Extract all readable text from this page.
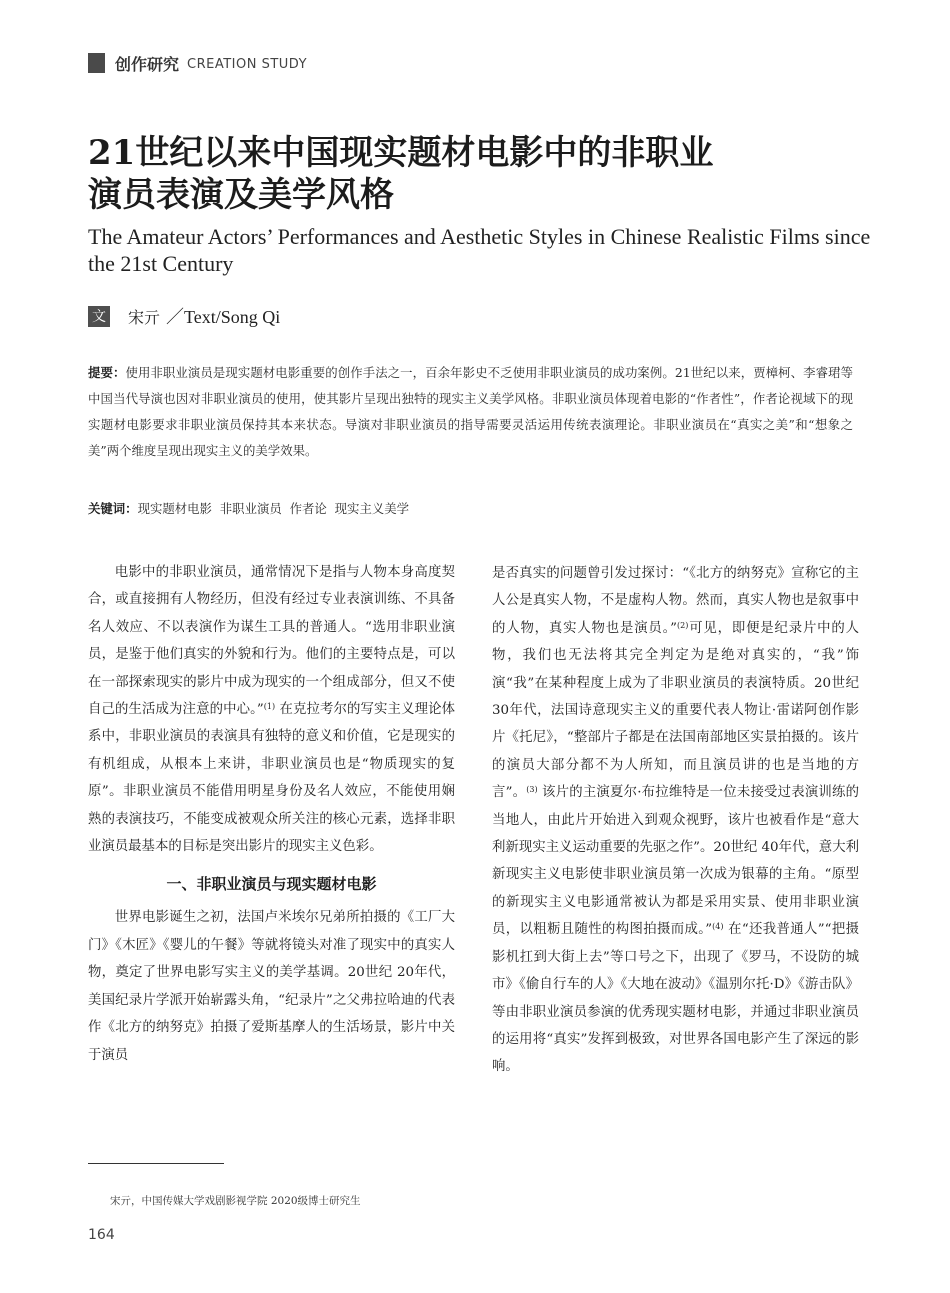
创作研究 CREATION STUDY
21世纪以来中国现实题材电影中的非职业
演员表演及美学风格
The Amateur Actors’ Performances and Aesthetic Styles in Chinese Realistic Films since the 21st Century
文 宋亓 ／Text/Song Qi

提要：使用非职业演员是现实题材电影重要的创作手法之一，百余年影史不乏使用非职业演员的成功案例。21世纪以来，贾樟柯、李睿珺等中国当代导演也因对非职业演员的使用，使其影片呈现出独特的现实主义美学风格。非职业演员体现着电影的“作者性”，作者论视域下的现实题材电影要求非职业演员保持其本来状态。导演对非职业演员的指导需要灵活运用传统表演理论。非职业演员在“真实之美”和“想象之美”两个维度呈现出现实主义的美学效果。

关键词：现实题材电影  非职业演员  作者论  现实主义美学

电影中的非职业演员，通常情况下是指与人物本身高度契合，或直接拥有人物经历，但没有经过专业表演训练、不具备名人效应、不以表演作为谋生工具的普通人。“选用非职业演员，是鉴于他们真实的外貌和行为。他们的主要特点是，可以在一部探索现实的影片中成为现实的一个组成部分，但又不使自己的生活成为注意的中心。”$^{(1)}$ 在克拉考尔的写实主义理论体系中，非职业演员的表演具有独特的意义和价值，它是现实的有机组成，从根本上来讲，非职业演员也是“物质现实的复原”。非职业演员不能借用明星身份及名人效应，不能使用娴熟的表演技巧，不能变成被观众所关注的核心元素，选择非职业演员最基本的目标是突出影片的现实主义色彩。

一、非职业演员与现实题材电影

世界电影诞生之初，法国卢米埃尔兄弟所拍摄的《工厂大门》《木匠》《婴儿的午餐》等就将镜头对准了现实中的真实人物，奠定了世界电影写实主义的美学基调。20世纪 20年代，美国纪录片学派开始崭露头角，“纪录片”之父弗拉哈迪的代表作《北方的纳努克》拍摄了爱斯基摩人的生活场景，影片中关于演员

是否真实的问题曾引发过探讨：“《北方的纳努克》宣称它的主人公是真实人物，不是虚构人物。然而，真实人物也是叙事中的人物，真实人物也是演员。”$^{(2)}$可见，即便是纪录片中的人物，我们也无法将其完全判定为是绝对真实的，“我”饰演“我”在某种程度上成为了非职业演员的表演特质。20世纪 30年代，法国诗意现实主义的重要代表人物让·雷诺阿创作影片《托尼》，“整部片子都是在法国南部地区实景拍摄的。该片的演员大部分都不为人所知，而且演员讲的也是当地的方言”。$^{(3)}$ 该片的主演夏尔·布拉维特是一位未接受过表演训练的当地人，由此片开始进入到观众视野，该片也被看作是“意大利新现实主义运动重要的先驱之作”。20世纪 40年代，意大利新现实主义电影使非职业演员第一次成为银幕的主角。“原型的新现实主义电影通常被认为都是采用实景、使用非职业演员，以粗粝且随性的构图拍摄而成。”$^{(4)}$ 在“还我普通人”“把摄影机扛到大街上去”等口号之下，出现了《罗马，不设防的城市》《偷自行车的人》《大地在波动》《温别尔托·D》《游击队》等由非职业演员参演的优秀现实题材电影，并通过非职业演员的运用将“真实”发挥到极致，对世界各国电影产生了深远的影响。

宋亓，中国传媒大学戏剧影视学院 2020级博士研究生
164
